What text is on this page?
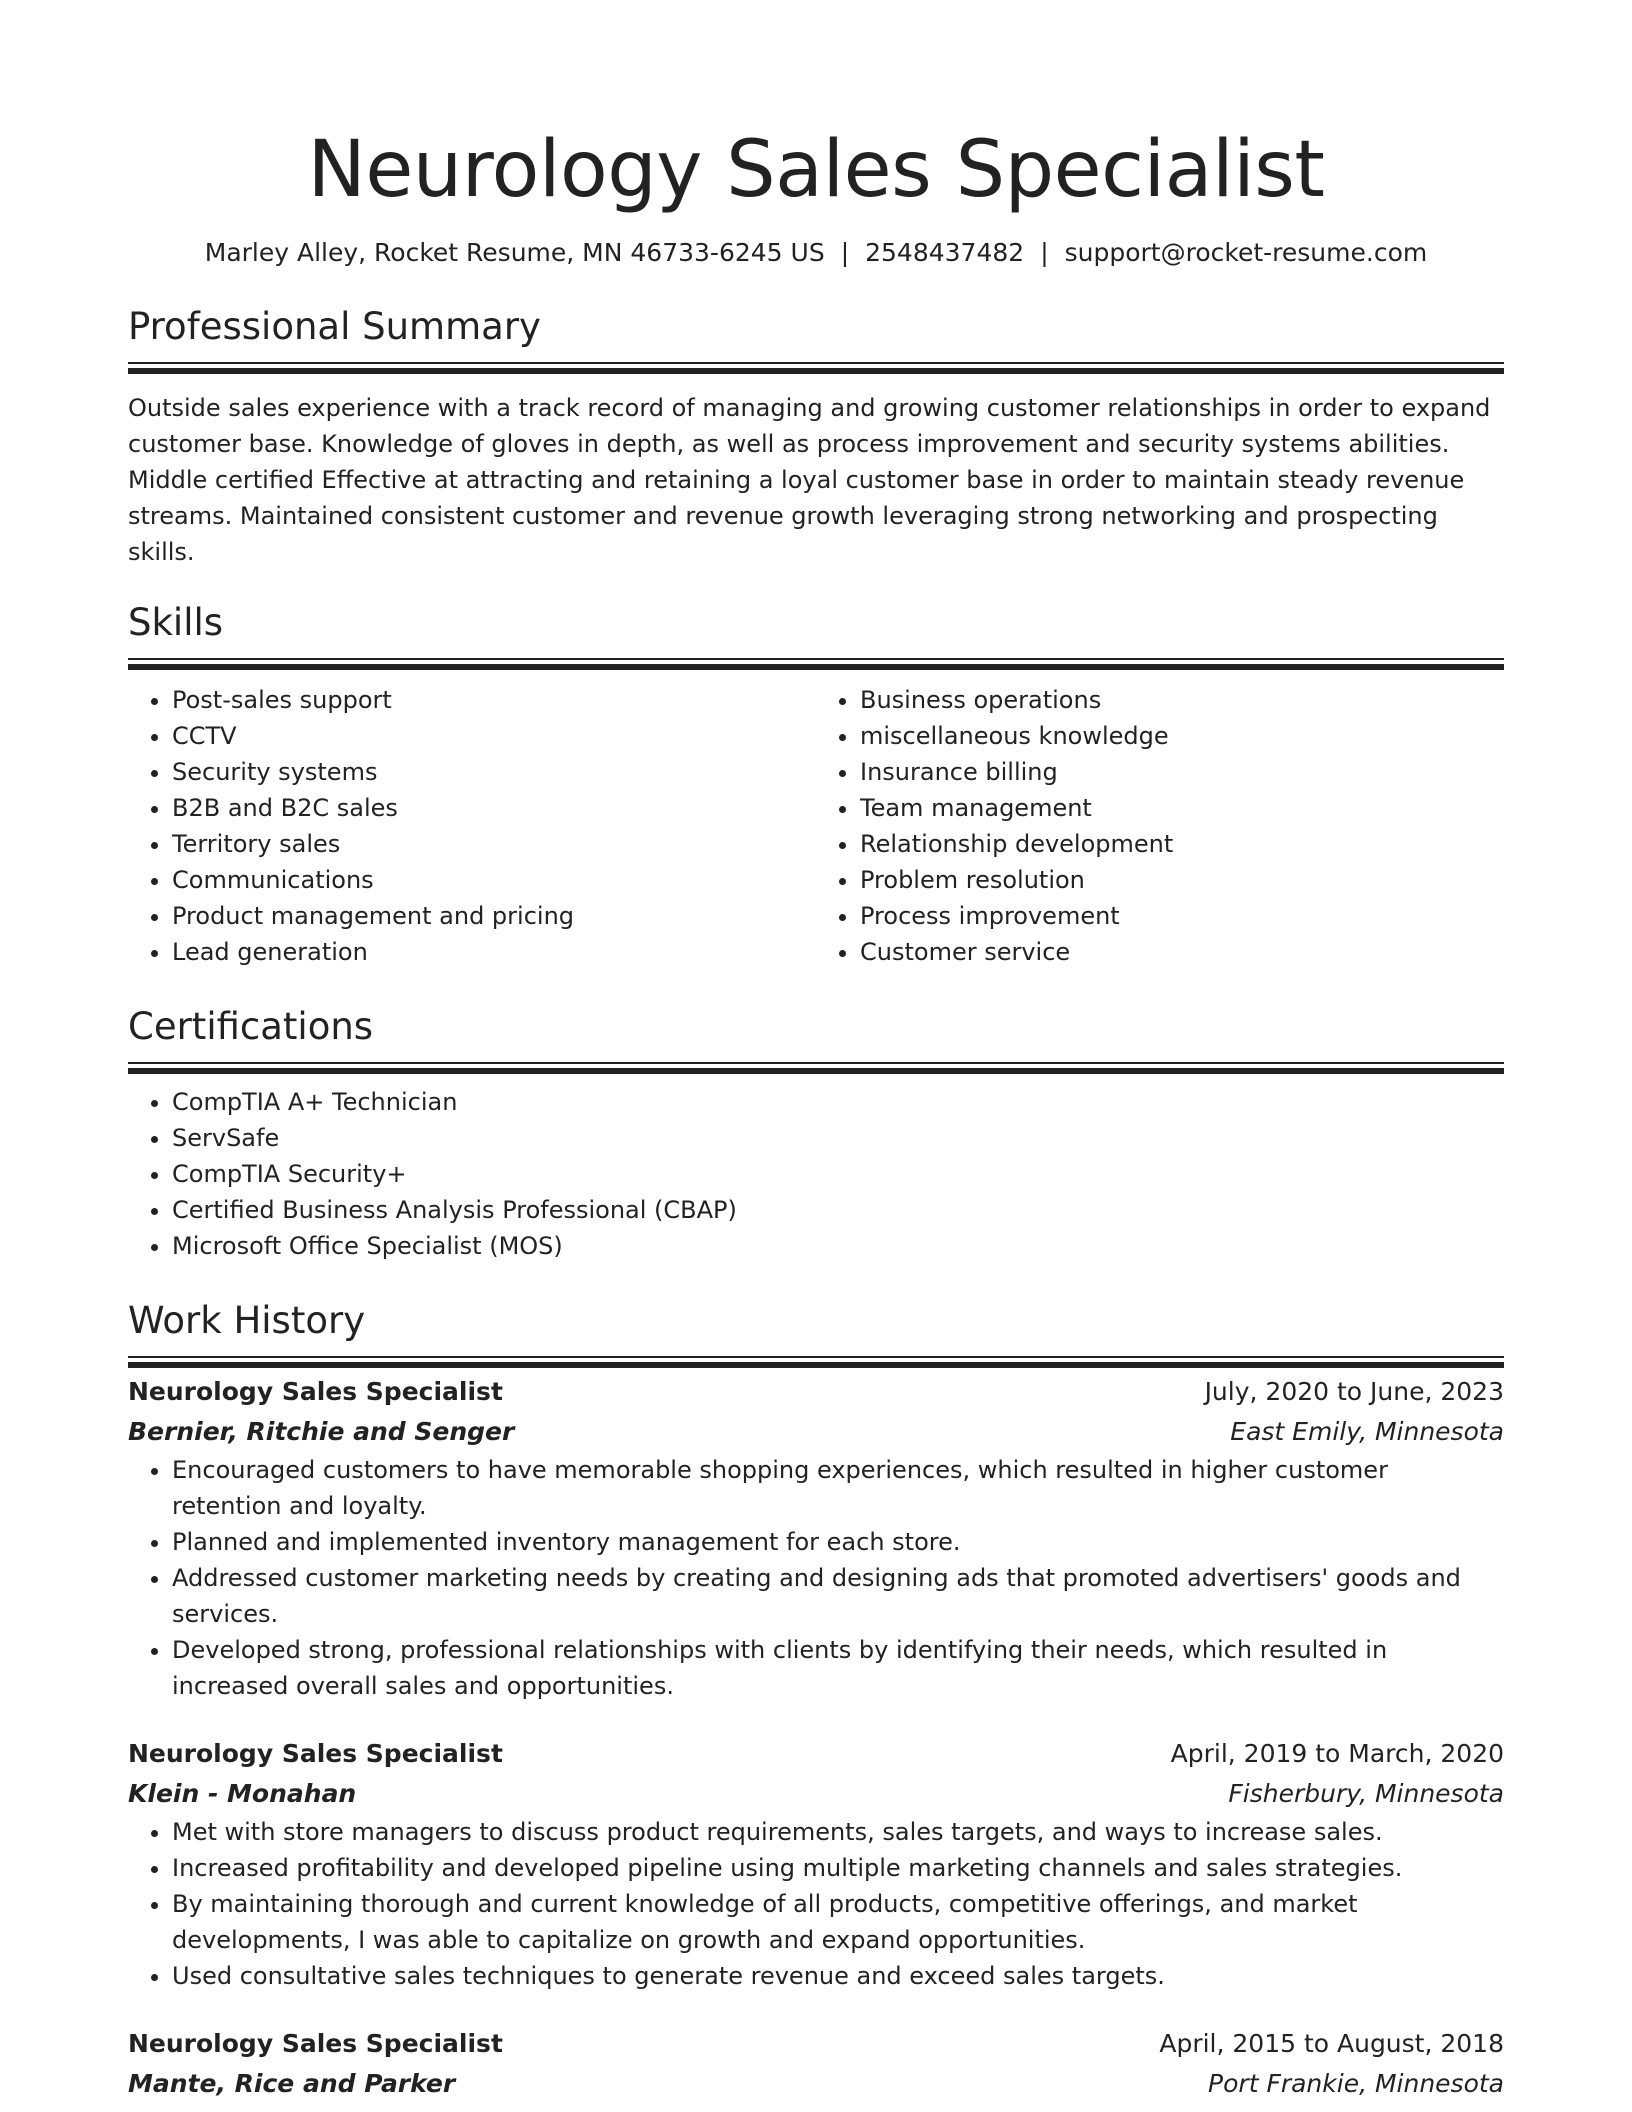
Neurology Sales Specialist
Marley Alley, Rocket Resume, MN 46733-6245 US | 2548437482 | support@rocket-resume.com
Professional Summary

Outside sales experience with a track record of managing and growing customer relationships in order to expand customer base. Knowledge of gloves in depth, as well as process improvement and security systems abilities. Middle certified Effective at attracting and retaining a loyal customer base in order to maintain steady revenue streams. Maintained consistent customer and revenue growth leveraging strong networking and prospecting skills.

Skills
• Post-sales support
• CCTV
• Security systems
• B2B and B2C sales
• Territory sales
• Communications
• Product management and pricing
• Lead generation
• Business operations
• miscellaneous knowledge
• Insurance billing
• Team management
• Relationship development
• Problem resolution
• Process improvement
• Customer service
Certifications
• CompTIA A+ Technician
• ServSafe
• CompTIA Security+
• Certified Business Analysis Professional (CBAP)
• Microsoft Office Specialist (MOS)
Work History
Neurology Sales Specialist	July, 2020 to June, 2023
Bernier, Ritchie and Senger	East Emily, Minnesota
• Encouraged customers to have memorable shopping experiences, which resulted in higher customer retention and loyalty.
• Planned and implemented inventory management for each store.
• Addressed customer marketing needs by creating and designing ads that promoted advertisers' goods and services.
• Developed strong, professional relationships with clients by identifying their needs, which resulted in increased overall sales and opportunities.
Neurology Sales Specialist	April, 2019 to March, 2020
Klein - Monahan	Fisherbury, Minnesota
• Met with store managers to discuss product requirements, sales targets, and ways to increase sales.
• Increased profitability and developed pipeline using multiple marketing channels and sales strategies.
• By maintaining thorough and current knowledge of all products, competitive offerings, and market developments, I was able to capitalize on growth and expand opportunities.
• Used consultative sales techniques to generate revenue and exceed sales targets.
Neurology Sales Specialist	April, 2015 to August, 2018
Mante, Rice and Parker	Port Frankie, Minnesota
